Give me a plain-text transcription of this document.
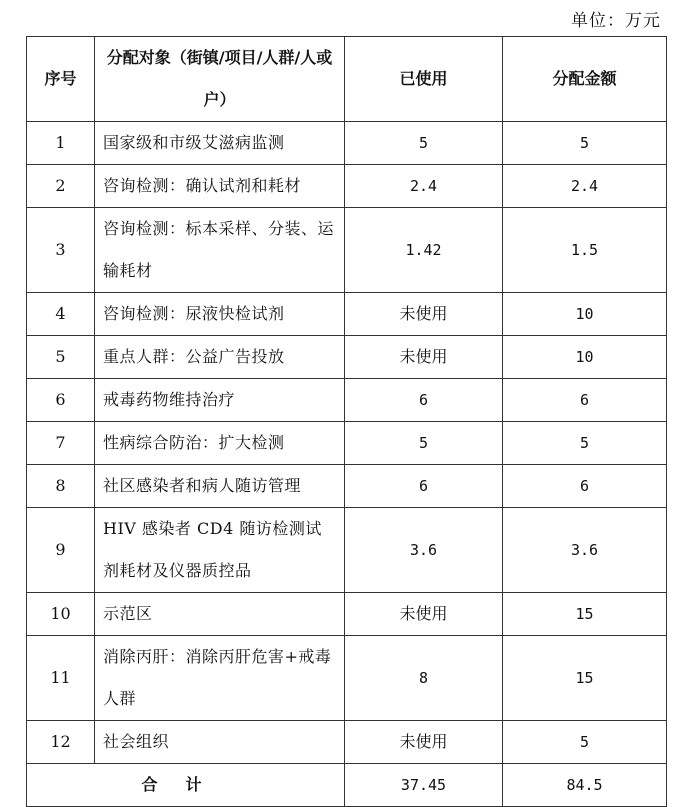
单位：万元
序号	分配对象（街镇/项目/人群/人或户）	已使用	分配金额
1	国家级和市级艾滋病监测	5	5
2	咨询检测：确认试剂和耗材	2.4	2.4
3	咨询检测：标本采样、分装、运输耗材	1.42	1.5
4	咨询检测：尿液快检试剂	未使用	10
5	重点人群：公益广告投放	未使用	10
6	戒毒药物维持治疗	6	6
7	性病综合防治：扩大检测	5	5
8	社区感染者和病人随访管理	6	6
9	HIV 感染者 CD4 随访检测试剂耗材及仪器质控品	3.6	3.6
10	示范区	未使用	15
11	消除丙肝：消除丙肝危害+戒毒人群	8	15
12	社会组织	未使用	5
合计		37.45	84.5
